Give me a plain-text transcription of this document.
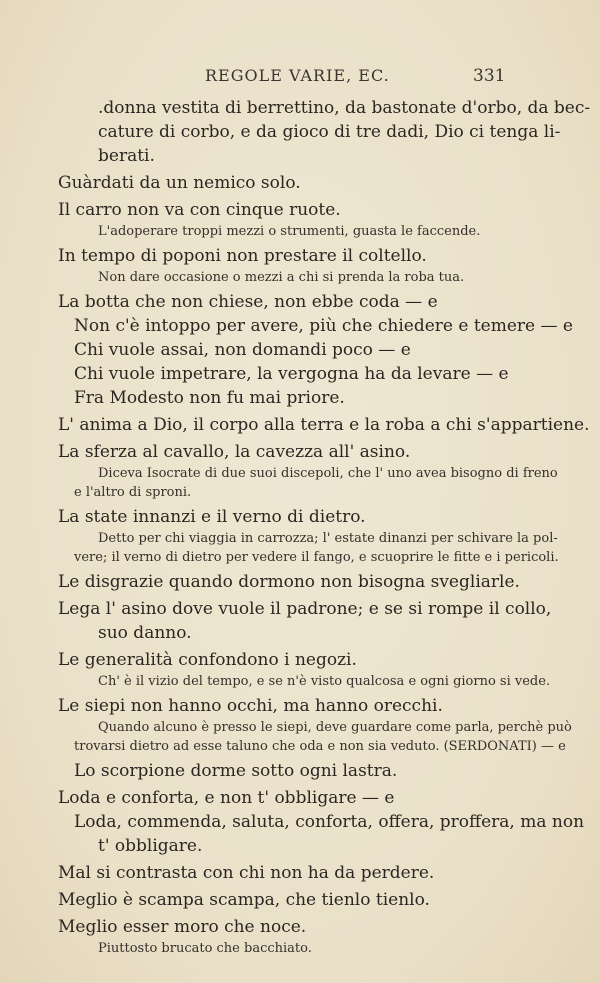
REGOLE VARIE, EC.	331
.donna vestita di berrettino, da bastonate d'orbo, da bec-
cature di corbo, e da gioco di tre dadi, Dio ci tenga li-
berati.
Guàrdati da un nemico solo.
Il carro non va con cinque ruote.
L'adoperare troppi mezzi o strumenti, guasta le faccende.
In tempo di poponi non prestare il coltello.
Non dare occasione o mezzi a chi si prenda la roba tua.
La botta che non chiese, non ebbe coda — e
Non c'è intoppo per avere, più che chiedere e temere — e
Chi vuole assai, non domandi poco — e
Chi vuole impetrare, la vergogna ha da levare — e
Fra Modesto non fu mai priore.
L' anima a Dio, il corpo alla terra e la roba a chi s'appartiene.
La sferza al cavallo, la cavezza all' asino.
Diceva Isocrate di due suoi discepoli, che l' uno avea bisogno di freno
e l'altro di sproni.
La state innanzi e il verno di dietro.
Detto per chi viaggia in carrozza; l' estate dinanzi per schivare la pol-
vere; il verno di dietro per vedere il fango, e scuoprire le fitte e i pericoli.
Le disgrazie quando dormono non bisogna svegliarle.
Lega l' asino dove vuole il padrone; e se si rompe il collo,
suo danno.
Le generalità confondono i negozi.
Ch' è il vizio del tempo, e se n'è visto qualcosa e ogni giorno si vede.
Le siepi non hanno occhi, ma hanno orecchi.
Quando alcuno è presso le siepi, deve guardare come parla, perchè può
trovarsi dietro ad esse taluno che oda e non sia veduto. (SERDONATI) — e
Lo scorpione dorme sotto ogni lastra.
Loda e conforta, e non t' obbligare — e
Loda, commenda, saluta, conforta, offera, proffera, ma non
t' obbligare.
Mal si contrasta con chi non ha da perdere.
Meglio è scampa scampa, che tienlo tienlo.
Meglio esser moro che noce.
Piuttosto brucato che bacchiato.
